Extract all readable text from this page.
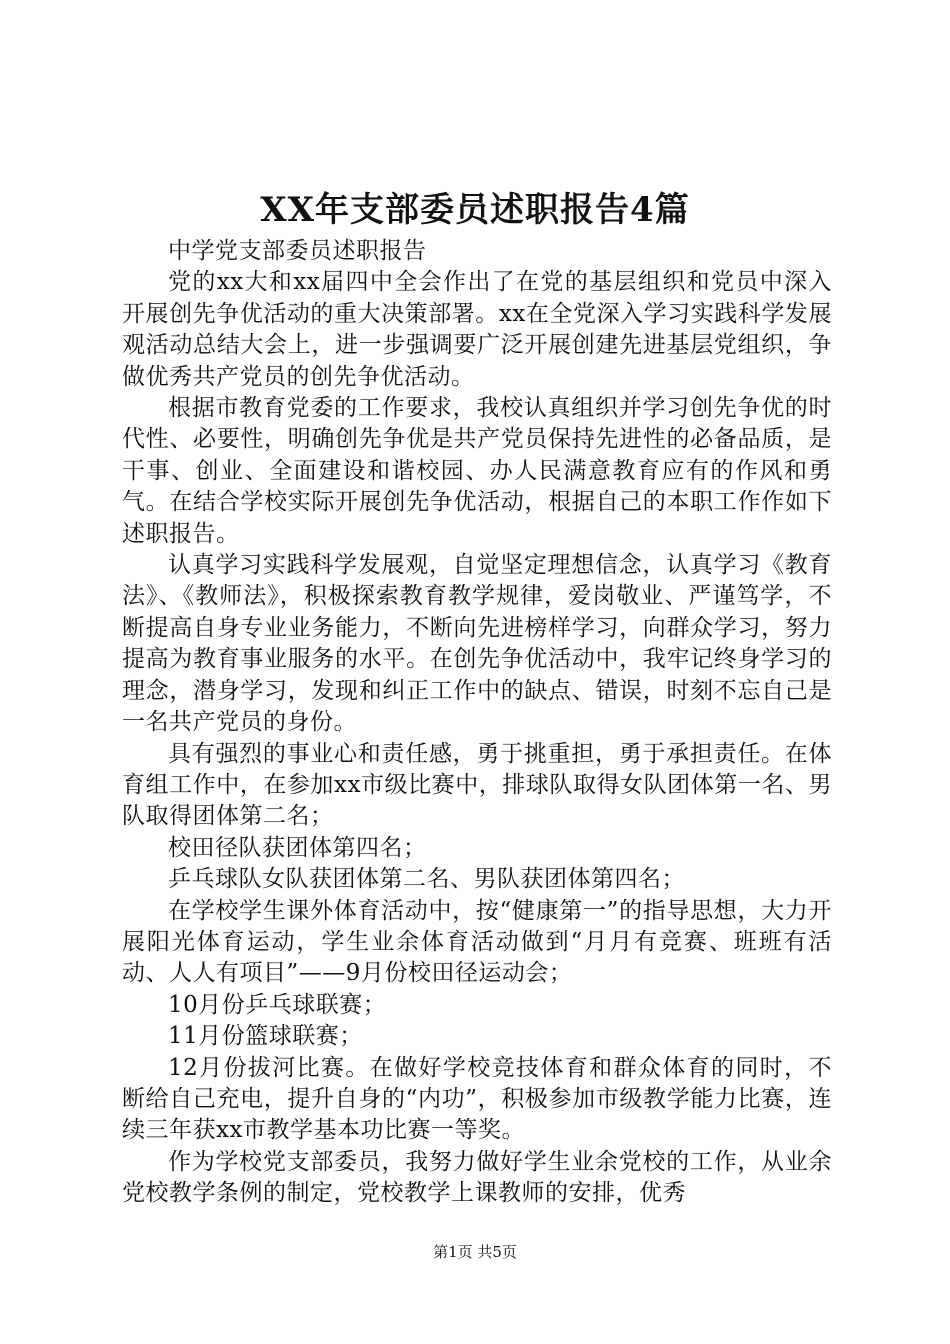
XX年支部委员述职报告4篇

中学党支部委员述职报告

党的xx大和xx届四中全会作出了在党的基层组织和党员中深入开展创先争优活动的重大决策部署。xx在全党深入学习实践科学发展观活动总结大会上，进一步强调要广泛开展创建先进基层党组织，争做优秀共产党员的创先争优活动。

根据市教育党委的工作要求，我校认真组织并学习创先争优的时代性、必要性，明确创先争优是共产党员保持先进性的必备品质，是干事、创业、全面建设和谐校园、办人民满意教育应有的作风和勇气。在结合学校实际开展创先争优活动，根据自己的本职工作作如下述职报告。

认真学习实践科学发展观，自觉坚定理想信念，认真学习《教育法》、《教师法》，积极探索教育教学规律，爱岗敬业、严谨笃学，不断提高自身专业业务能力，不断向先进榜样学习，向群众学习，努力提高为教育事业服务的水平。在创先争优活动中，我牢记终身学习的理念，潜身学习，发现和纠正工作中的缺点、错误，时刻不忘自己是一名共产党员的身份。

具有强烈的事业心和责任感，勇于挑重担，勇于承担责任。在体育组工作中，在参加xx市级比赛中，排球队取得女队团体第一名、男队取得团体第二名；

校田径队获团体第四名；

乒乓球队女队获团体第二名、男队获团体第四名；

在学校学生课外体育活动中，按“健康第一”的指导思想，大力开展阳光体育运动，学生业余体育活动做到“月月有竞赛、班班有活动、人人有项目”——9月份校田径运动会；

10月份乒乓球联赛；

11月份篮球联赛；

12月份拔河比赛。在做好学校竞技体育和群众体育的同时，不断给自己充电，提升自身的“内功”，积极参加市级教学能力比赛，连续三年获xx市教学基本功比赛一等奖。

作为学校党支部委员，我努力做好学生业余党校的工作，从业余党校教学条例的制定，党校教学上课教师的安排，优秀

第1页 共5页
